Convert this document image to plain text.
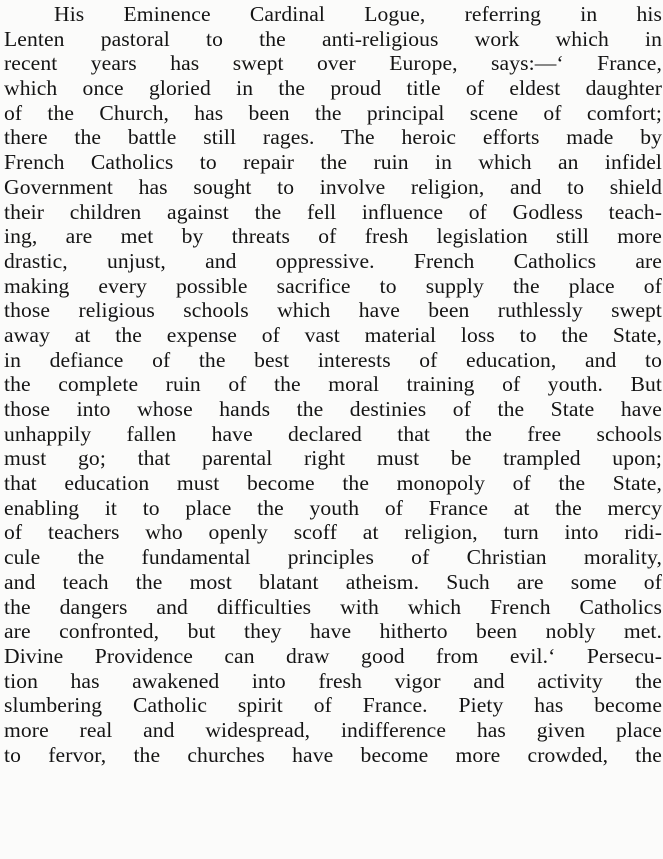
His Eminence Cardinal Logue, referring in his
Lenten pastoral to the anti-religious work which in
recent years has swept over Europe, says:—‘ France,
which once gloried in the proud title of eldest daughter
of the Church, has been the principal scene of comfort;
there the battle still rages. The heroic efforts made by
French Catholics to repair the ruin in which an infidel
Government has sought to involve religion, and to shield
their children against the fell influence of Godless teach-
ing, are met by threats of fresh legislation still more
drastic, unjust, and oppressive. French Catholics are
making every possible sacrifice to supply the place of
those religious schools which have been ruthlessly swept
away at the expense of vast material loss to the State,
in defiance of the best interests of education, and to
the complete ruin of the moral training of youth. But
those into whose hands the destinies of the State have
unhappily fallen have declared that the free schools
must go; that parental right must be trampled upon;
that education must become the monopoly of the State,
enabling it to place the youth of France at the mercy
of teachers who openly scoff at religion, turn into ridi-
cule the fundamental principles of Christian morality,
and teach the most blatant atheism. Such are some of
the dangers and difficulties with which French Catholics
are confronted, but they have hitherto been nobly met.
Divine Providence can draw good from evil.‘ Persecu-
tion has awakened into fresh vigor and activity the
slumbering Catholic spirit of France. Piety has become
more real and widespread, indifference has given place
to fervor, the churches have become more crowded, the
